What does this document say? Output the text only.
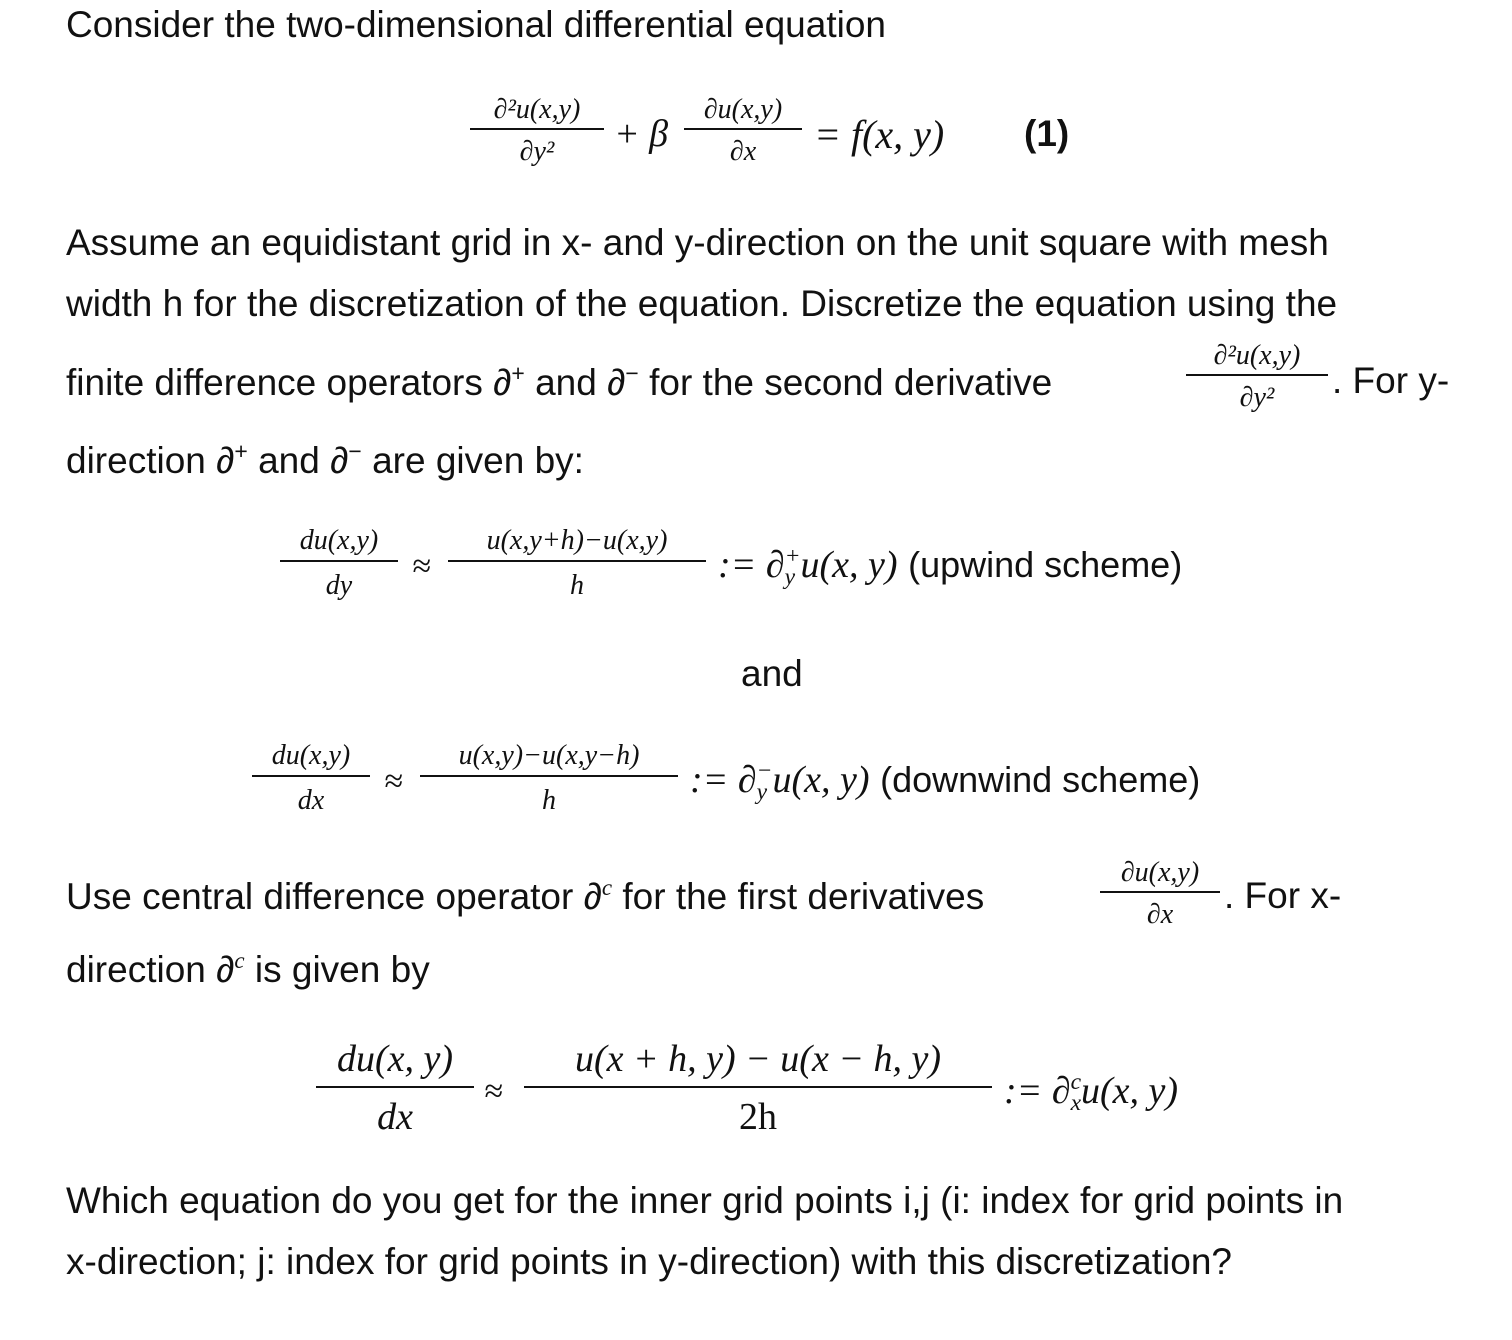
Consider the two-dimensional differential equation
∂²u(x,y)
∂y²	+ β
∂u(x,y)
∂x	= f(x, y) (1)
Assume an equidistant grid in x- and y-direction on the unit square with mesh
width h for the discretization of the equation. Discretize the equation using the
finite difference operators ∂+ and ∂− for the second derivative
∂²u(x,y)
∂y²	. For y-
direction ∂+ and ∂− are given by:
du(x,y)
dy
≈
u(x,y+h)−u(x,y)
h	:= ∂ +
y u(x, y) (upwind scheme)
and
du(x,y)
dx
≈
u(x,y)−u(x,y−h)
h	:= ∂ −
y u(x, y) (downwind scheme)
Use central difference operator ∂$^c$ for the first derivatives
∂u(x,y)
∂x	. For x-
direction ∂$^c$ is given by
du(x, y)
dx
≈
u(x + h, y) − u(x − h, y)
2h
:= ∂ c
x u(x, y)
Which equation do you get for the inner grid points i,j (i: index for grid points in
x-direction; j: index for grid points in y-direction) with this discretization?
